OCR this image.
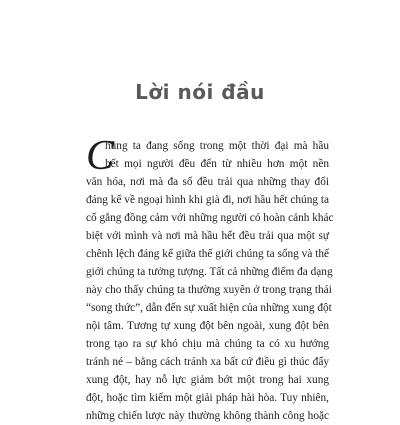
Lời nói đầu
C
hủng ta đang sống trong một thời đại mà hầu
hết mọi người đều đến từ nhiều hơn một nền
văn hóa, nơi mà đa số đều trải qua những thay đổi
đáng kể về ngoại hình khi già đi, nơi hầu hết chúng ta
cố gắng đồng cảm với những người có hoàn cảnh khác
biệt với mình và nơi mà hầu hết đều trải qua một sự
chênh lệch đáng kể giữa thế giới chúng ta sống và thế
giới chúng ta tưởng tượng. Tất cả những điểm đa dạng
này cho thấy chúng ta thường xuyên ở trong trạng thái
“song thức”, dẫn đến sự xuất hiện của những xung đột
nội tâm. Tương tự xung đột bên ngoài, xung đột bên
trong tạo ra sự khó chịu mà chúng ta có xu hướng
tránh né – bằng cách tránh xa bất cứ điều gì thúc đẩy
xung đột, hay nỗ lực giảm bớt một trong hai xung
đột, hoặc tìm kiếm một giải pháp hài hòa. Tuy nhiên,
những chiến lược này thường không thành công hoặc
